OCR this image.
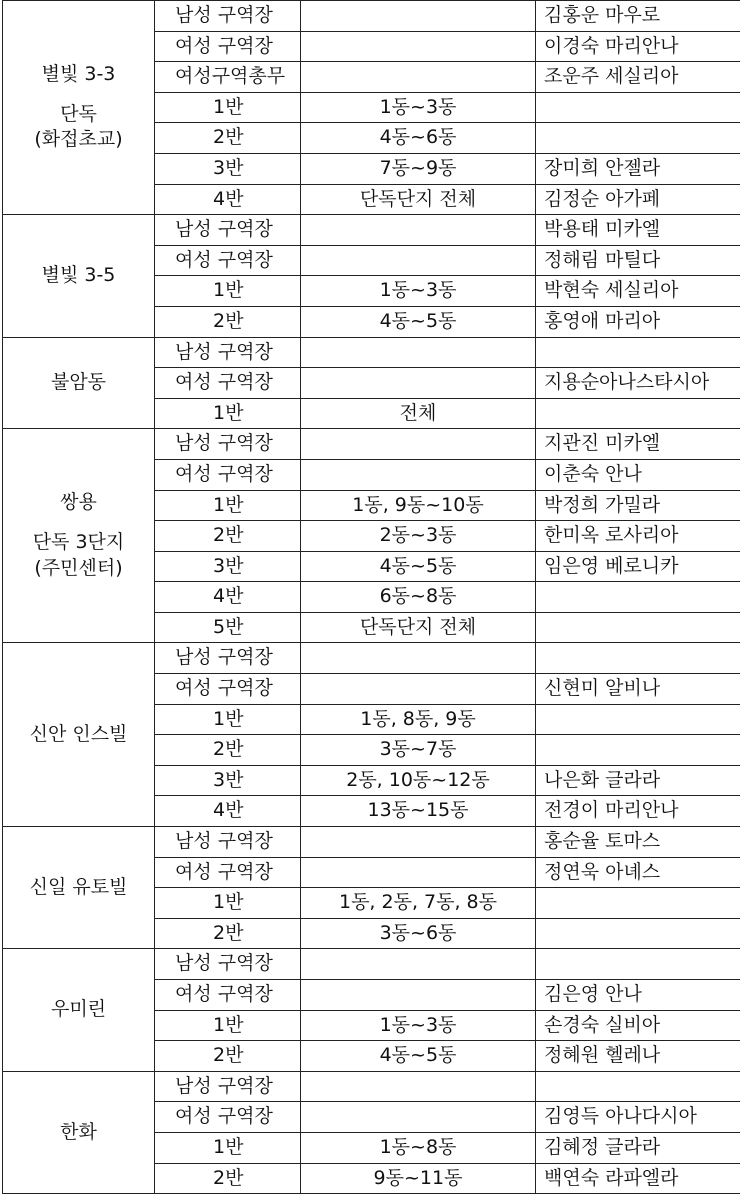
별빛 3-3
단독
(화접초교)	남성 구역장		김홍운 마우로
	여성 구역장		이경숙 마리안나
	여성구역총무		조운주 세실리아
	1반	1동~3동	
	2반	4동~6동	
	3반	7동~9동	장미희 안젤라
	4반	단독단지 전체	김정순 아가페

별빛 3-5	남성 구역장		박용태 미카엘
	여성 구역장		정해림 마틸다
	1반	1동~3동	박현숙 세실리아
	2반	4동~5동	홍영애 마리아

불암동	남성 구역장		
	여성 구역장		지용순아나스타시아
	1반	전체	

쌍용
단독 3단지
(주민센터)	남성 구역장		지관진 미카엘
	여성 구역장		이춘숙 안나
	1반	1동, 9동~10동	박정희 가밀라
	2반	2동~3동	한미옥 로사리아
	3반	4동~5동	임은영 베로니카
	4반	6동~8동	
	5반	단독단지 전체	

신안 인스빌	남성 구역장		
	여성 구역장		신현미 알비나
	1반	1동, 8동, 9동	
	2반	3동~7동	
	3반	2동, 10동~12동	나은화 글라라
	4반	13동~15동	전경이 마리안나

신일 유토빌	남성 구역장		홍순율 토마스
	여성 구역장		정연욱 아녜스
	1반	1동, 2동, 7동, 8동	
	2반	3동~6동	

우미린	남성 구역장		
	여성 구역장		김은영 안나
	1반	1동~3동	손경숙 실비아
	2반	4동~5동	정혜원 헬레나

한화	남성 구역장		
	여성 구역장		김영득 아나다시아
	1반	1동~8동	김혜정 글라라
	2반	9동~11동	백연숙 라파엘라
